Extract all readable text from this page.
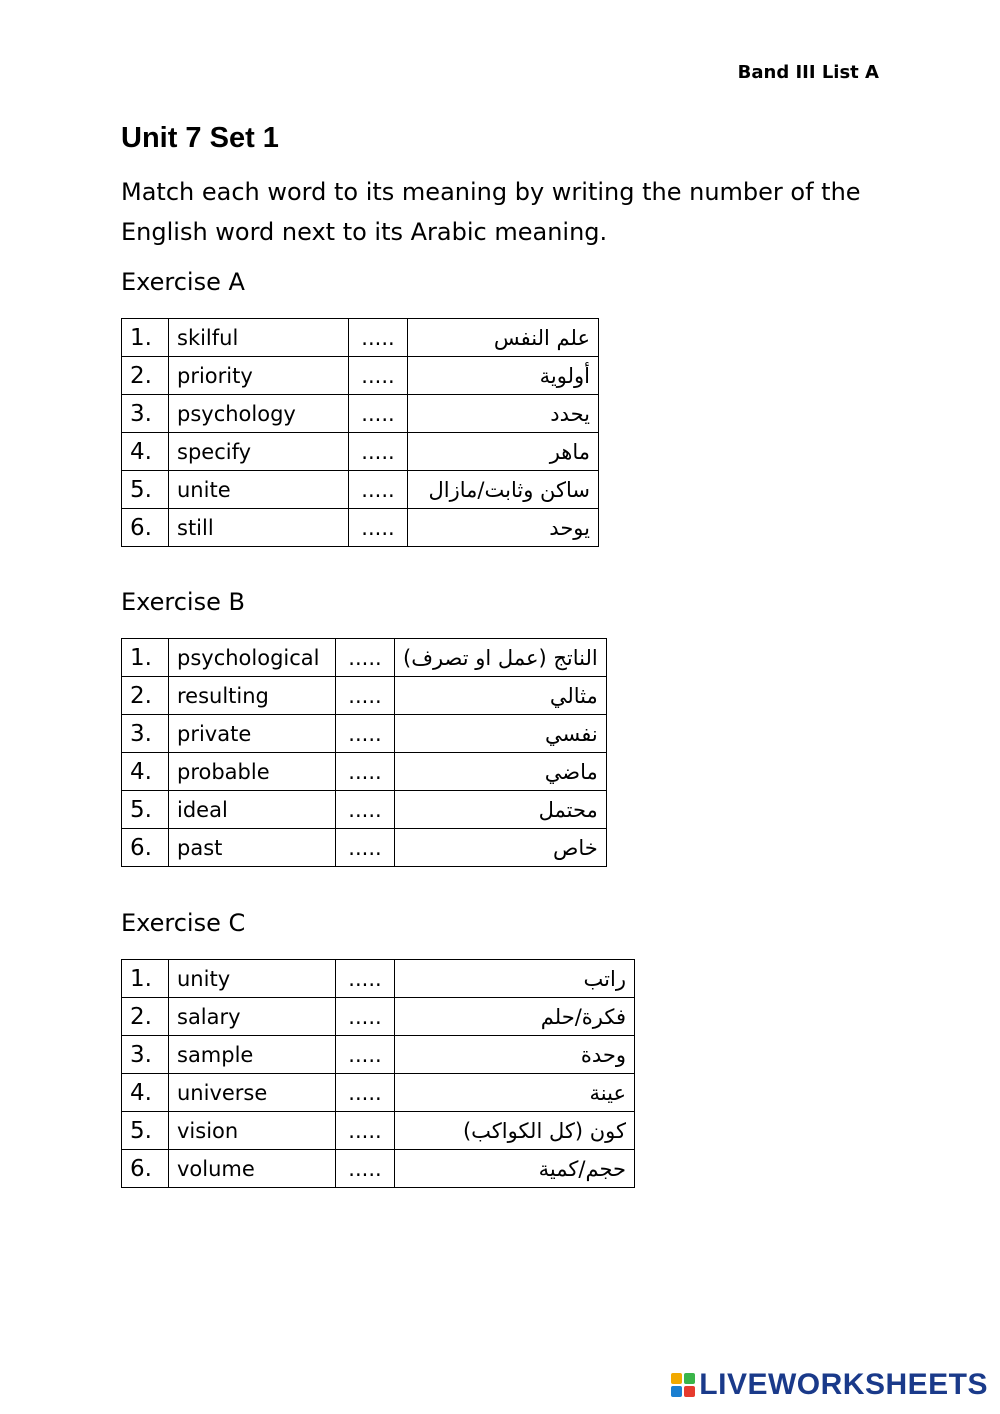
Band III List A
Unit 7 Set 1
Match each word to its meaning by writing the number of the English word next to its Arabic meaning.
Exercise A
1.	skilful	.....	علم النفس
2.	priority	.....	أولوية
3.	psychology	.....	يحدد
4.	specify	.....	ماهر
5.	unite	.....	ساكن وثابت/مازال
6.	still	.....	يوحد
Exercise B
1.	psychological	.....	الناتج (عمل او تصرف)
2.	resulting	.....	مثالي
3.	private	.....	نفسي
4.	probable	.....	ماضي
5.	ideal	.....	محتمل
6.	past	.....	خاص
Exercise C
1.	unity	.....	راتب
2.	salary	.....	فكرة/حلم
3.	sample	.....	وحدة
4.	universe	.....	عينة
5.	vision	.....	كون (كل الكواكب)
6.	volume	.....	حجم/كمية
LIVEWORKSHEETS
